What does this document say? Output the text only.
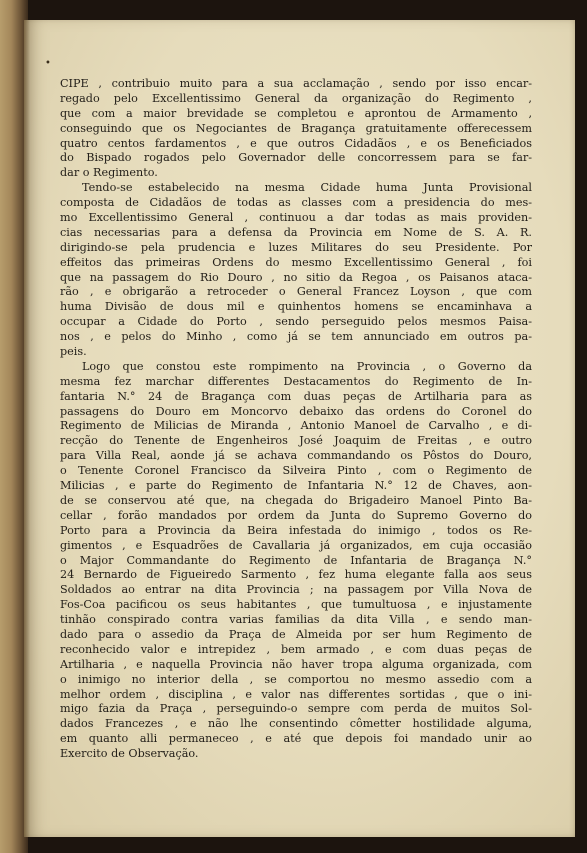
•

CIPE , contribuio muito para a sua acclamação , sendo por isso encar-
regado pelo Excellentissimo General da organização do Regimento ,
que com a maior brevidade se completou e aprontou de Armamento ,
conseguindo que os Negociantes de Bragança gratuitamente offerecessem
quatro centos fardamentos , e que outros Cidadãos , e os Beneficiados
do Bispado rogados pelo Governador delle concorressem para se far-
dar o Regimento.

Tendo-se estabelecido na mesma Cidade huma Junta Provisional
composta de Cidadãos de todas as classes com a presidencia do mes-
mo Excellentissimo General , continuou a dar todas as mais providen-
cias necessarias para a defensa da Provincia em Nome de S. A. R.
dirigindo-se pela prudencia e luzes Militares do seu Presidente. Por
effeitos das primeiras Ordens do mesmo Excellentissimo General , foi
que na passagem do Rio Douro , no sitio da Regoa , os Paisanos ataca-
rão , e obrigarão a retroceder o General Francez Loyson , que com
huma Divisão de dous mil e quinhentos homens se encaminhava a
occupar a Cidade do Porto , sendo perseguido pelos mesmos Paisa-
nos , e pelos do Minho , como já se tem annunciado em outros pa-
peis.

Logo que constou este rompimento na Provincia , o Governo da
mesma fez marchar differentes Destacamentos do Regimento de In-
fantaria N.° 24 de Bragança com duas peças de Artilharia para as
passagens do Douro em Moncorvo debaixo das ordens do Coronel do
Regimento de Milicias de Miranda , Antonio Manoel de Carvalho , e di-
recção do Tenente de Engenheiros José Joaquim de Freitas , e outro
para Villa Real, aonde já se achava commandando os Pôstos do Douro,
o Tenente Coronel Francisco da Silveira Pinto , com o Regimento de
Milicias , e parte do Regimento de Infantaria N.° 12 de Chaves, aon-
de se conservou até que, na chegada do Brigadeiro Manoel Pinto Ba-
cellar , forão mandados por ordem da Junta do Supremo Governo do
Porto para a Provincia da Beira infestada do inimigo , todos os Re-
gimentos , e Esquadrões de Cavallaria já organizados, em cuja occasião
o Major Commandante do Regimento de Infantaria de Bragança N.°
24 Bernardo de Figueiredo Sarmento , fez huma elegante falla aos seus
Soldados ao entrar na dita Provincia ; na passagem por Villa Nova de
Fos-Coa pacificou os seus habitantes , que tumultuosa , e injustamente
tinhão conspirado contra varias familias da dita Villa , e sendo man-
dado para o assedio da Praça de Almeida por ser hum Regimento de
reconhecido valor e intrepidez , bem armado , e com duas peças de
Artilharia , e naquella Provincia não haver tropa alguma organizada, com
o inimigo no interior della , se comportou no mesmo assedio com a
melhor ordem , disciplina , e valor nas differentes sortidas , que o ini-
migo fazia da Praça , perseguindo-o sempre com perda de muitos Sol-
dados Francezes , e não lhe consentindo cômetter hostilidade alguma,
em quanto alli permaneceo , e até que depois foi mandado unir ao
Exercito de Observação.
